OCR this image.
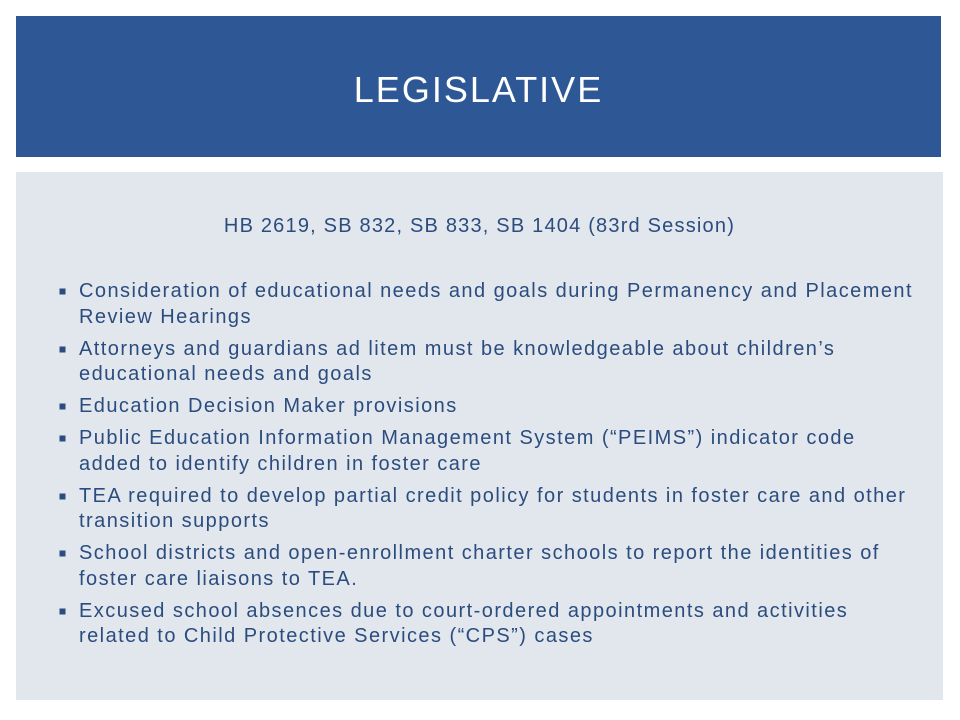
LEGISLATIVE
HB 2619, SB 832, SB 833, SB 1404 (83rd Session)
Consideration of educational needs and goals during Permanency and Placement Review Hearings
Attorneys and guardians ad litem must be knowledgeable about children’s educational needs and goals
Education Decision Maker provisions
Public Education Information Management System (“PEIMS”) indicator code added to identify children in foster care
TEA required to develop partial credit policy for students in foster care and other transition supports
School districts and open-enrollment charter schools to report the identities of foster care liaisons to TEA.
Excused school absences due to court-ordered appointments and activities related to Child Protective Services (“CPS”) cases
